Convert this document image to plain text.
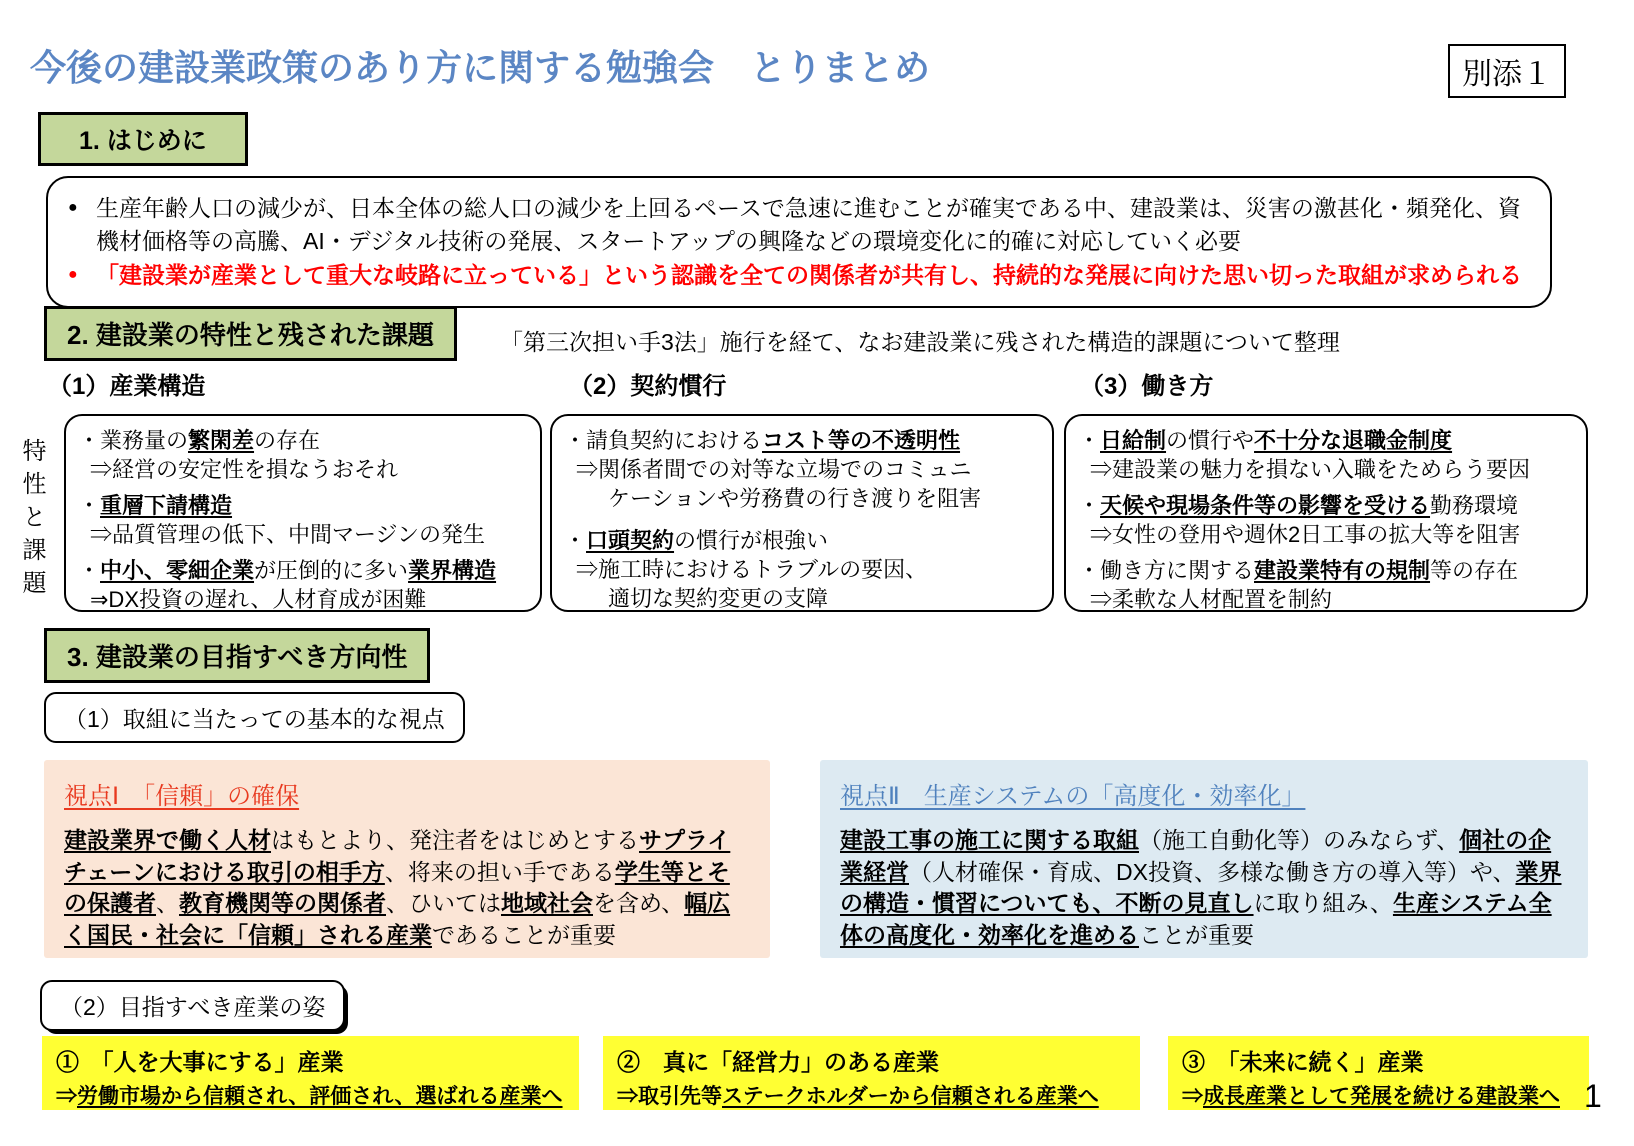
今後の建設業政策のあり方に関する勉強会　とりまとめ	別添１
1. はじめに
● 生産年齢人口の減少が、日本全体の総人口の減少を上回るペースで急速に進むことが確実である中、建設業は、災害の激甚化・頻発化、資機材価格等の高騰、AI・デジタル技術の発展、スタートアップの興隆などの環境変化に的確に対応していく必要
● 「建設業が産業として重大な岐路に立っている」という認識を全ての関係者が共有し、持続的な発展に向けた思い切った取組が求められる
2. 建設業の特性と残された課題	「第三次担い手3法」施行を経て、なお建設業に残された構造的課題について整理
（1）産業構造	（2）契約慣行	（3）働き方
特性と課題 ・業務量の繁閑差の存在
⇒経営の安定性を損なうおそれ
・重層下請構造
⇒品質管理の低下、中間マージンの発生
・中小、零細企業が圧倒的に多い業界構造
⇒DX投資の遅れ、人材育成が困難
・請負契約におけるコスト等の不透明性
⇒関係者間での対等な立場でのコミュニ
ケーションや労務費の行き渡りを阻害
・口頭契約の慣行が根強い
⇒施工時におけるトラブルの要因、
適切な契約変更の支障
・日給制の慣行や不十分な退職金制度
⇒建設業の魅力を損ない入職をためらう要因
・天候や現場条件等の影響を受ける勤務環境
⇒女性の登用や週休2日工事の拡大等を阻害
・働き方に関する建設業特有の規制等の存在
⇒柔軟な人材配置を制約
3. 建設業の目指すべき方向性
（1）取組に当たっての基本的な視点
視点Ⅰ　「信頼」の確保
建設業界で働く人材はもとより、発注者をはじめとするサプライチェーンにおける取引の相手方、将来の担い手である学生等とその保護者、教育機関等の関係者、ひいては地域社会を含め、幅広く国民・社会に「信頼」される産業であることが重要
視点Ⅱ　生産システムの「高度化・効率化」
建設工事の施工に関する取組（施工自動化等）のみならず、個社の企業経営（人材確保・育成、DX投資、多様な働き方の導入等）や、業界の構造・慣習についても、不断の見直しに取り組み、生産システム全体の高度化・効率化を進めることが重要
（2）目指すべき産業の姿
①　「人を大事にする」産業
⇒労働市場から信頼され、評価され、選ばれる産業へ
②　真に「経営力」のある産業
⇒取引先等ステークホルダーから信頼される産業へ
③　「未来に続く」産業
⇒成長産業として発展を続ける建設業へ 1
